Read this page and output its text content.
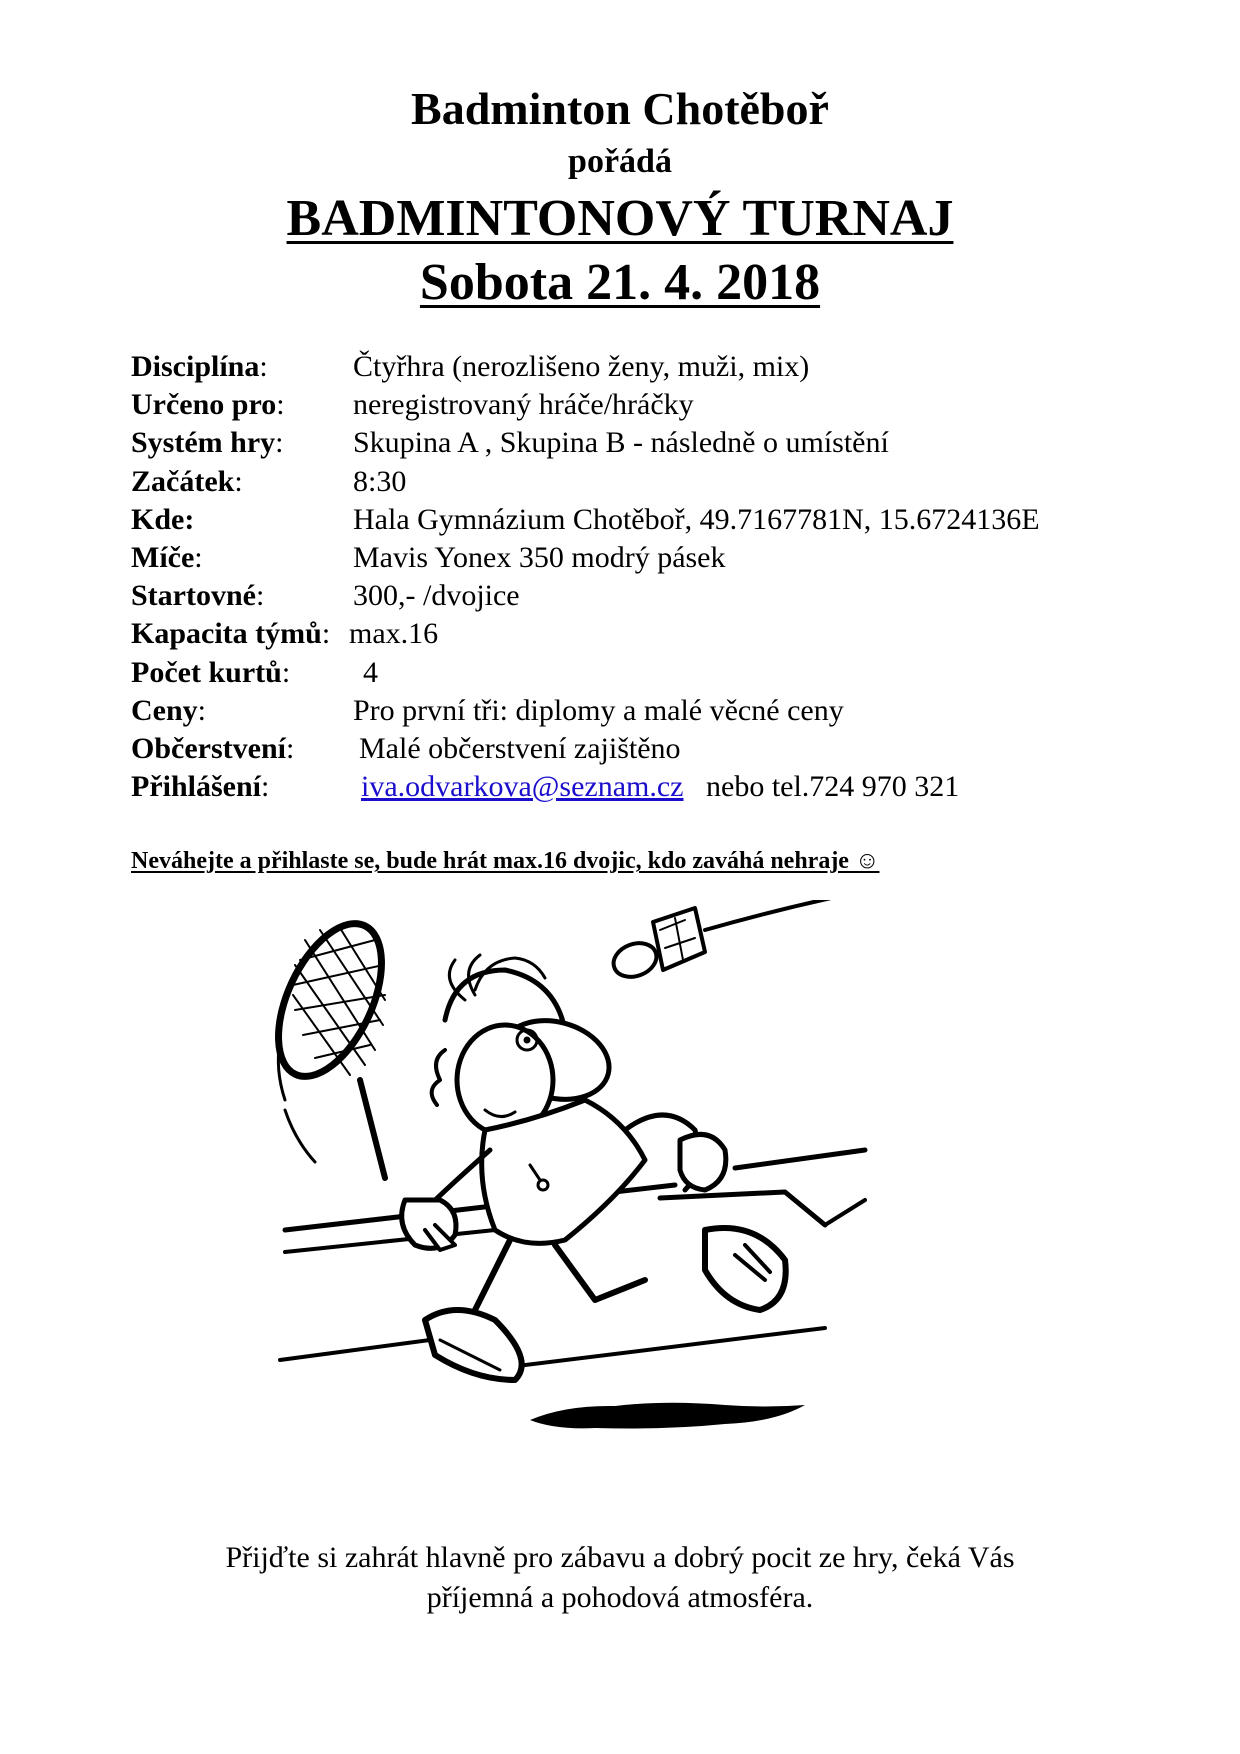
Badminton Chotěboř
pořádá
BADMINTONOVÝ TURNAJ
Sobota 21. 4. 2018
Disciplína:	Čtyřhra (nerozlišeno ženy, muži, mix)
Určeno pro: neregistrovaný hráče/hráčky
Systém hry: Skupina A , Skupina B - následně o umístění
Začátek:	8:30
Kde:	Hala Gymnázium Chotěboř, 49.7167781N, 15.6724136E
Míče:	Mavis Yonex 350 modrý pásek
Startovné:	300,- /dvojice
Kapacita týmů: max.16
Počet kurtů: 4
Ceny:	Pro první tři: diplomy a malé věcné ceny
Občerstvení: Malé občerstvení zajištěno
Přihlášení:	iva.odvarkova@seznam.cz nebo tel.724 970 321
Neváhejte a přihlaste se, bude hrát max.16 dvojic, kdo zaváhá nehraje ☺
Přijďte si zahrát hlavně pro zábavu a dobrý pocit ze hry, čeká Vás
příjemná a pohodová atmosféra.
